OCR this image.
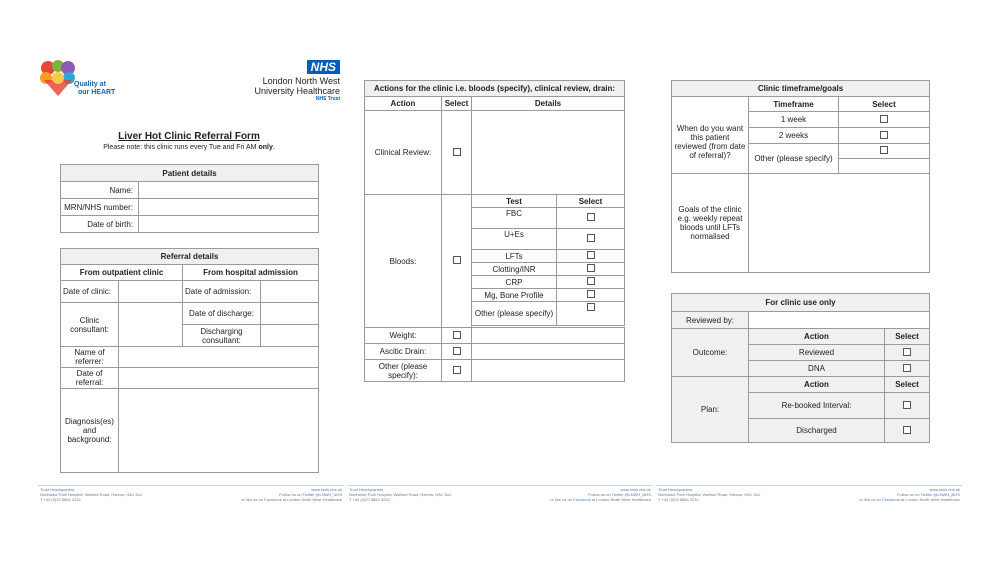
Quality at
our HEART
NHS
London North West
University Healthcare
NHS Trust
Liver Hot Clinic Referral Form
Please note: this clinic runs every Tue and Fri AM only.
Patient details	
Name:	
MRN/NHS number:	
Date of birth:	
Referral details			
From outpatient clinic		From hospital admission	
Date of clinic:		Date of admission:	
Clinic consultant:		Date of discharge:	
		Discharging consultant:	
Name of referrer:			
Date of referral:			
Diagnosis(es) and background:			
Actions for the clinic i.e. bloods (specify), clinical review, drain:			
Action	Select	Details	
Clinical Review:			
Bloods:		Test	Select
		FBC	
		U+Es	
		LFTs	
		Clotting/INR	
		CRP	
		Mg, Bone Profile	
		Other (please specify)	

Weight:			
Ascitic Drain:			
Other (please specify):			
Clinic timeframe/goals		
	Timeframe	Select
When do you want this patient reviewed (from date of referral)?	1 week	
	2 weeks	
	Other (please specify)	

Goals of the clinic e.g. weekly repeat bloods until LFTs normalised		
For clinic use only		
Reviewed by:		
Outcome:	Action	Select
	Reviewed	
	DNA	
Plan:	Action	Select
	Re-booked Interval:	
	Discharged	
Trust Headquarters
Northwick Park Hospital, Watford Road, Harrow, HA1 3UJ
T +44 (0)20 8864 3232
www.lnwh.nhs.uk
Follow us on Twitter @LNWH_NHS
or like us on Facebook at London North West Healthcare
Trust Headquarters
Northwick Park Hospital, Watford Road, Harrow, HA1 3UJ
T +44 (0)20 8864 3232
www.lnwh.nhs.uk
Follow us on Twitter @LNWH_NHS
or like us on Facebook at London North West Healthcare
Trust Headquarters
Northwick Park Hospital, Watford Road, Harrow, HA1 3UJ
T +44 (0)20 8864 3232
www.lnwh.nhs.uk
Follow us on Twitter @LNWH_NHS
or like us on Facebook at London North West Healthcare
